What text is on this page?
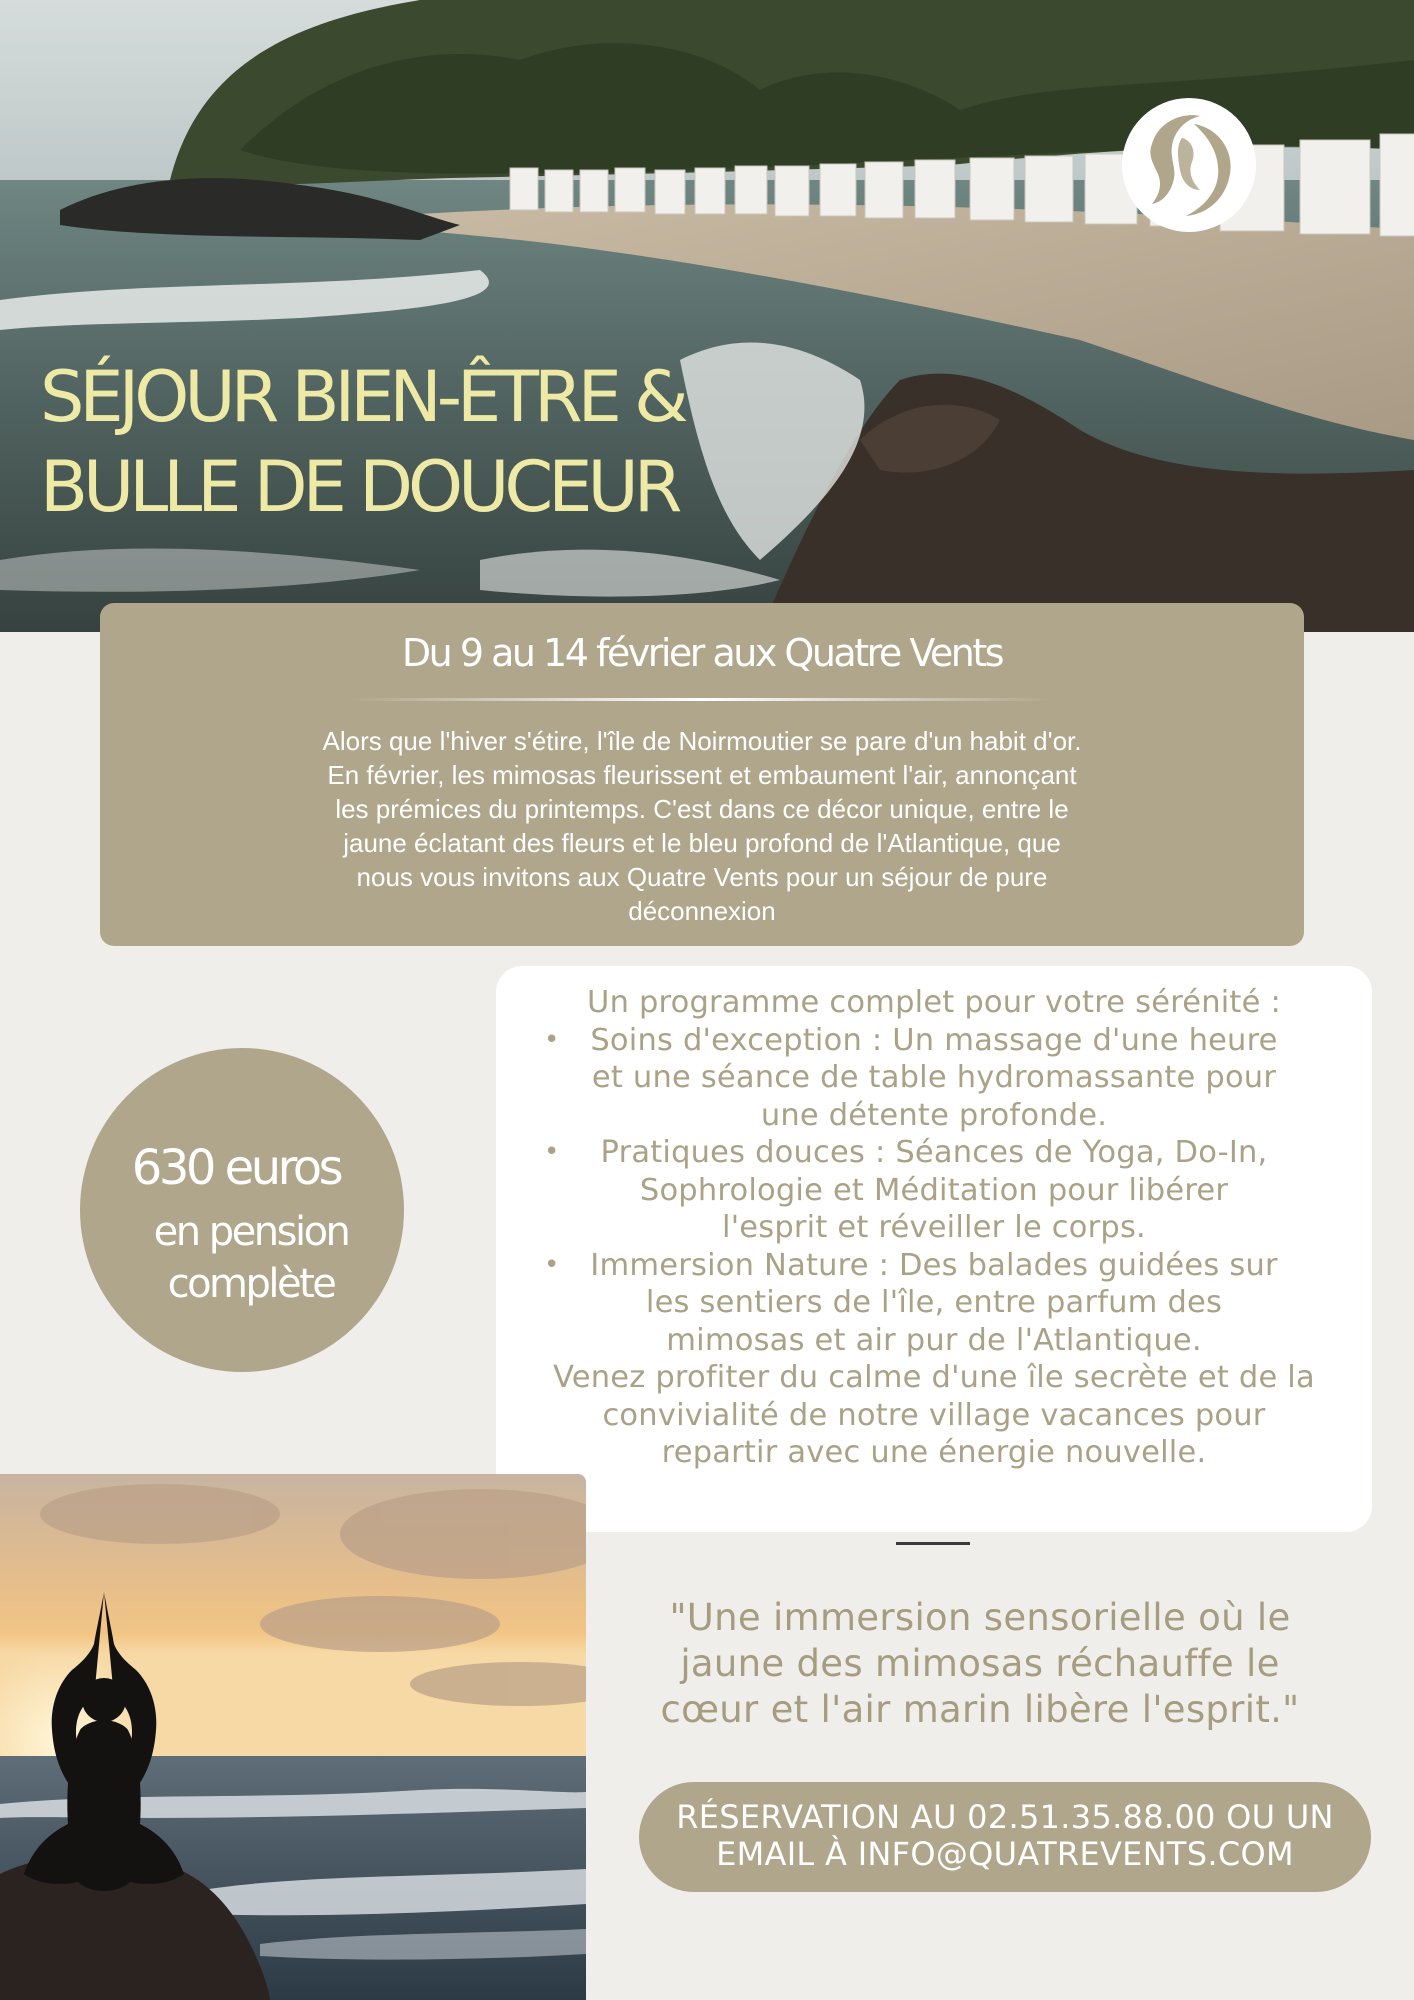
SÉJOUR BIEN-ÊTRE &
BULLE DE DOUCEUR
Du 9 au 14 février aux Quatre Vents
Alors que l'hiver s'étire, l'île de Noirmoutier se pare d'un habit d'or.
En février, les mimosas fleurissent et embaument l'air, annonçant
les prémices du printemps. C'est dans ce décor unique, entre le
jaune éclatant des fleurs et le bleu profond de l'Atlantique, que
nous vous invitons aux Quatre Vents pour un séjour de pure
déconnexion
630 euros
en pension
complète
Un programme complet pour votre sérénité :
•	Soins d'exception : Un massage d'une heure
et une séance de table hydromassante pour
une détente profonde.
•	Pratiques douces : Séances de Yoga, Do-In,
Sophrologie et Méditation pour libérer
l'esprit et réveiller le corps.
•	Immersion Nature : Des balades guidées sur
les sentiers de l'île, entre parfum des
mimosas et air pur de l'Atlantique.
Venez profiter du calme d'une île secrète et de la
convivialité de notre village vacances pour
repartir avec une énergie nouvelle.
"Une immersion sensorielle où le
jaune des mimosas réchauffe le
cœur et l'air marin libère l'esprit."
RÉSERVATION AU 02.51.35.88.00 OU UN
EMAIL À INFO@QUATREVENTS.COM
